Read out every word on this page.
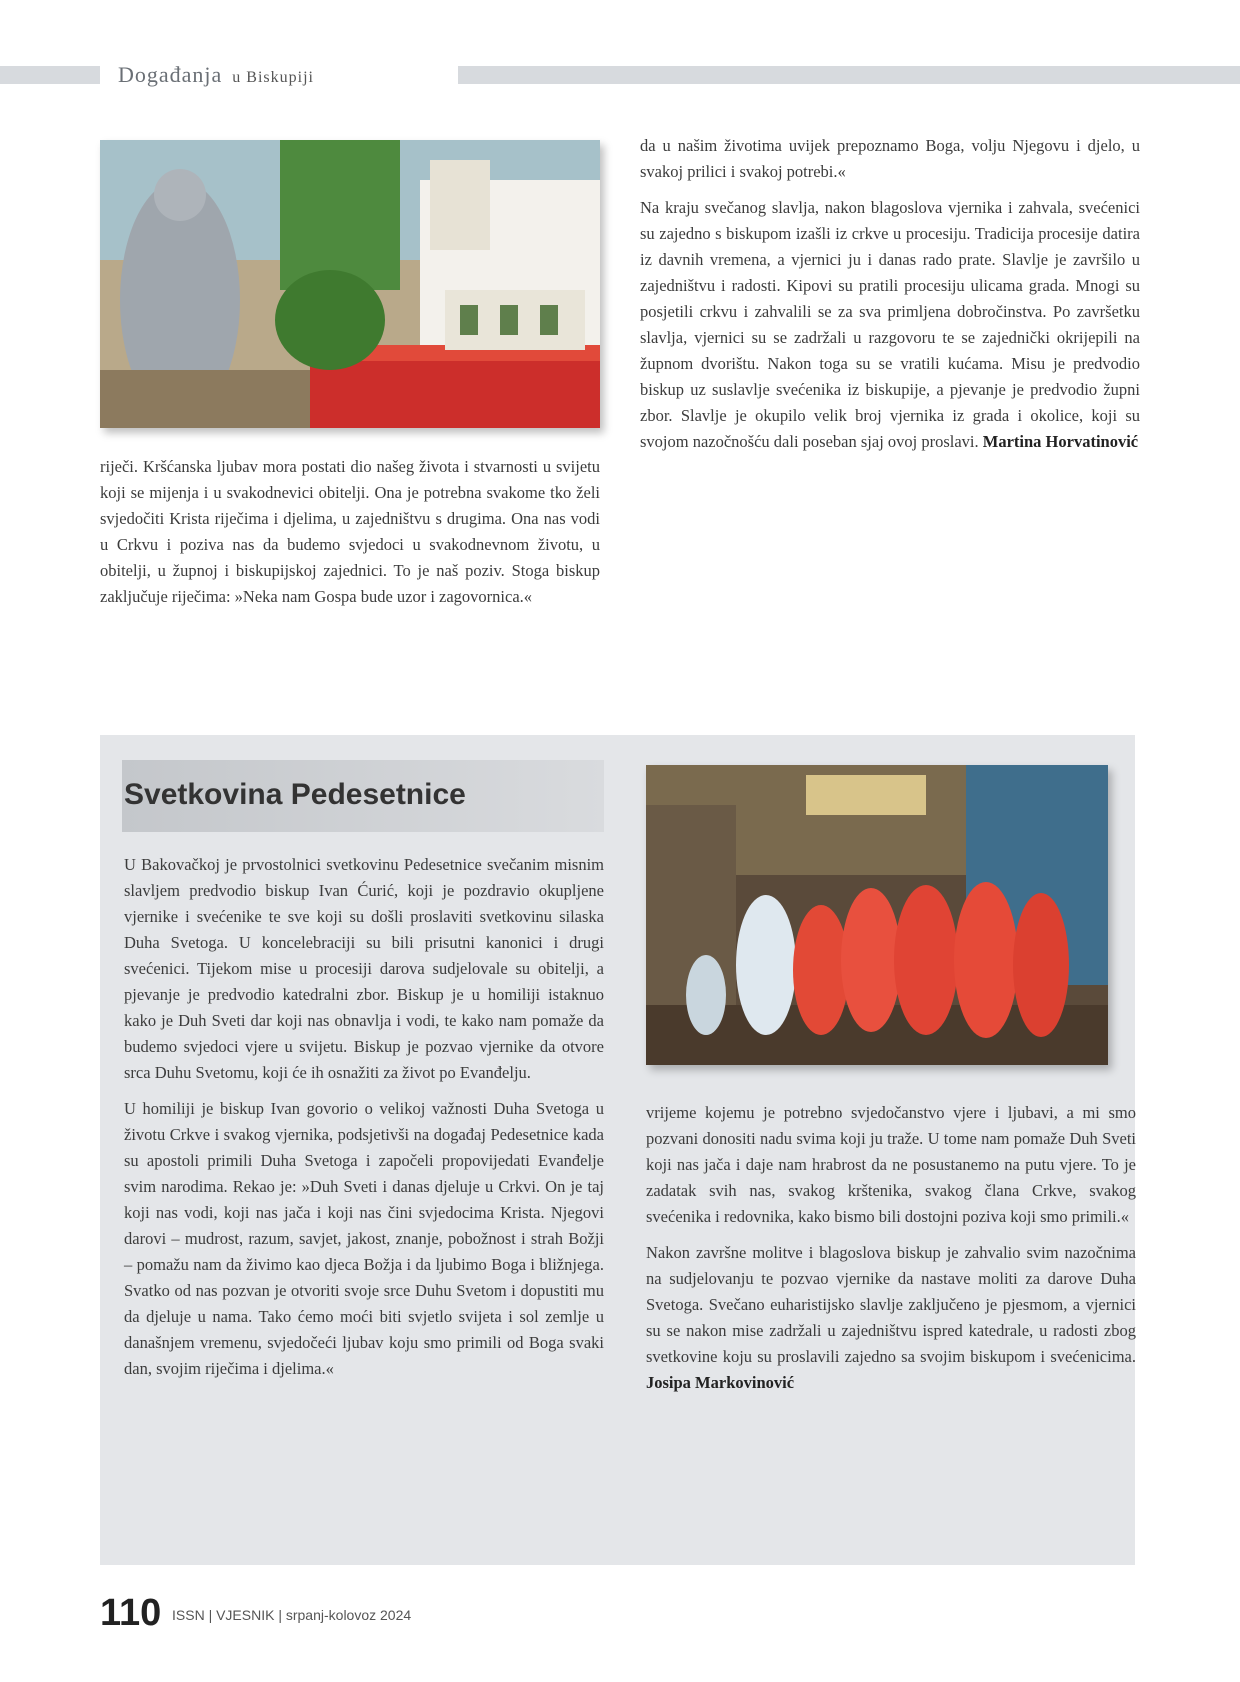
Događanja u Biskupiji

riječi. Kršćanska ljubav mora postati dio našeg života i stvarnosti u svijetu koji se mijenja i u svakodnevici obitelji. Ona je potrebna svakome tko želi svjedočiti Krista riječima i djelima, u zajedništvu s drugima. Ona nas vodi u Crkvu i poziva nas da budemo svjedoci u svakodnevnom životu, u obitelji, u župnoj i biskupijskoj zajednici. To je naš poziv. Stoga biskup zaključuje riječima: »Neka nam Gospa bude uzor i zagovornica.«

da u našim životima uvijek prepoznamo Boga, volju Njegovu i djelo, u svakoj prilici i svakoj potrebi.«

Na kraju svečanog slavlja, nakon blagoslova vjernika i zahvala, svećenici su zajedno s biskupom izašli iz crkve u procesiju. Tradicija procesije datira iz davnih vremena, a vjernici ju i danas rado prate. Slavlje je završilo u zajedništvu i radosti. Kipovi su pratili procesiju ulicama grada. Mnogi su posjetili crkvu i zahvalili se za sva primljena dobročinstva. Po završetku slavlja, vjernici su se zadržali u razgovoru te se zajednički okrijepili na župnom dvorištu. Nakon toga su se vratili kućama. Misu je predvodio biskup uz suslavlje svećenika iz biskupije, a pjevanje je predvodio župni zbor. Slavlje je okupilo velik broj vjernika iz grada i okolice, koji su svojom nazočnošću dali poseban sjaj ovoj proslavi. Martina Horvatinović

Svetkovina Pedesetnice

U Bakovačkoj je prvostolnici svetkovinu Pedesetnice svečanim misnim slavljem predvodio biskup Ivan Ćurić, koji je pozdravio okupljene vjernike i svećenike te sve koji su došli proslaviti svetkovinu silaska Duha Svetoga. U koncelebraciji su bili prisutni kanonici i drugi svećenici. Tijekom mise u procesiji darova sudjelovale su obitelji, a pjevanje je predvodio katedralni zbor. Biskup je u homiliji istaknuo kako je Duh Sveti dar koji nas obnavlja i vodi, te kako nam pomaže da budemo svjedoci vjere u svijetu. Biskup je pozvao vjernike da otvore srca Duhu Svetomu, koji će ih osnažiti za život po Evanđelju.

U homiliji je biskup Ivan govorio o velikoj važnosti Duha Svetoga u životu Crkve i svakog vjernika, podsjetivši na događaj Pedesetnice kada su apostoli primili Duha Svetoga i započeli propovijedati Evanđelje svim narodima. Rekao je: »Duh Sveti i danas djeluje u Crkvi. On je taj koji nas vodi, koji nas jača i koji nas čini svjedocima Krista. Njegovi darovi – mudrost, razum, savjet, jakost, znanje, pobožnost i strah Božji – pomažu nam da živimo kao djeca Božja i da ljubimo Boga i bližnjega. Svatko od nas pozvan je otvoriti svoje srce Duhu Svetom i dopustiti mu da djeluje u nama. Tako ćemo moći biti svjetlo svijeta i sol zemlje u današnjem vremenu, svjedočeći ljubav koju smo primili od Boga svaki dan, svojim riječima i djelima.«

vrijeme kojemu je potrebno svjedočanstvo vjere i ljubavi, a mi smo pozvani donositi nadu svima koji ju traže. U tome nam pomaže Duh Sveti koji nas jača i daje nam hrabrost da ne posustanemo na putu vjere. To je zadatak svih nas, svakog krštenika, svakog člana Crkve, svakog svećenika i redovnika, kako bismo bili dostojni poziva koji smo primili.«

Nakon završne molitve i blagoslova biskup je zahvalio svim nazočnima na sudjelovanju te pozvao vjernike da nastave moliti za darove Duha Svetoga. Svečano euharistijsko slavlje zaključeno je pjesmom, a vjernici su se nakon mise zadržali u zajedništvu ispred katedrale, u radosti zbog svetkovine koju su proslavili zajedno sa svojim biskupom i svećenicima. Josipa Markovinović

110 ISSN | VJESNIK | srpanj-kolovoz 2024
